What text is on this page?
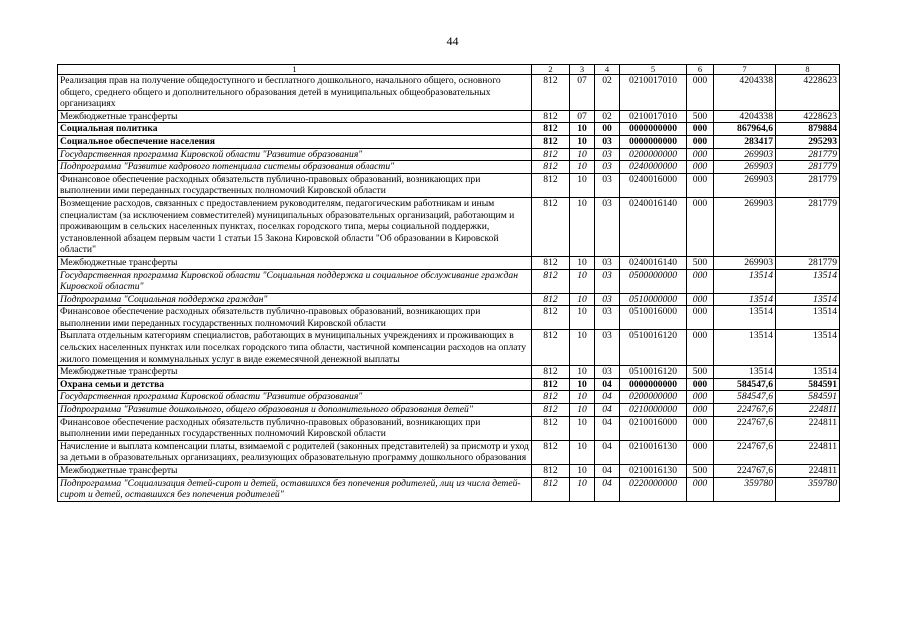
44
1	2	3	4	5	6	7	8
Реализация прав на получение общедоступного и бесплатного дошкольного, начального общего, основного общего, среднего общего и дополнительного образования детей в муниципальных общеобразовательных организациях	812	07	02	0210017010	000	4204338	4228623
Межбюджетные трансферты	812	07	02	0210017010	500	4204338	4228623
Социальная политика	812	10	00	0000000000	000	867964,6	879884
Социальное обеспечение населения	812	10	03	0000000000	000	283417	295293
Государственная программа Кировской области "Развитие образования"	812	10	03	0200000000	000	269903	281779
Подпрограмма "Развитие кадрового потенциала системы образования области"	812	10	03	0240000000	000	269903	281779
Финансовое обеспечение расходных обязательств публично-правовых образований, возникающих при выполнении ими переданных государственных полномочий Кировской области	812	10	03	0240016000	000	269903	281779
Возмещение расходов, связанных с предоставлением руководителям, педагогическим работникам и иным специалистам (за исключением совместителей) муниципальных образовательных организаций, работающим и проживающим в сельских населенных пунктах, поселках городского типа, меры социальной поддержки, установленной абзацем первым части 1 статьи 15 Закона Кировской области "Об образовании в Кировской области"	812	10	03	0240016140	000	269903	281779
Межбюджетные трансферты	812	10	03	0240016140	500	269903	281779
Государственная программа Кировской области "Социальная поддержка и социальное обслуживание граждан Кировской области"	812	10	03	0500000000	000	13514	13514
Подпрограмма "Социальная поддержка граждан"	812	10	03	0510000000	000	13514	13514
Финансовое обеспечение расходных обязательств публично-правовых образований, возникающих при выполнении ими переданных государственных полномочий Кировской области	812	10	03	0510016000	000	13514	13514
Выплата отдельным категориям специалистов, работающих в муниципальных учреждениях и проживающих в сельских населенных пунктах или поселках городского типа области, частичной компенсации расходов на оплату жилого помещения и коммунальных услуг в виде ежемесячной денежной выплаты	812	10	03	0510016120	000	13514	13514
Межбюджетные трансферты	812	10	03	0510016120	500	13514	13514
Охрана семьи и детства	812	10	04	0000000000	000	584547,6	584591
Государственная программа Кировской области "Развитие образования"	812	10	04	0200000000	000	584547,6	584591
Подпрограмма "Развитие дошкольного, общего образования и дополнительного образования детей"	812	10	04	0210000000	000	224767,6	224811
Финансовое обеспечение расходных обязательств публично-правовых образований, возникающих при выполнении ими переданных государственных полномочий Кировской области	812	10	04	0210016000	000	224767,6	224811
Начисление и выплата компенсации платы, взимаемой с родителей (законных представителей) за присмотр и уход за детьми в образовательных организациях, реализующих образовательную программу дошкольного образования	812	10	04	0210016130	000	224767,6	224811
Межбюджетные трансферты	812	10	04	0210016130	500	224767,6	224811
Подпрограмма "Социализация детей-сирот и детей, оставшихся без попечения родителей, лиц из числа детей-сирот и детей, оставшихся без попечения родителей"	812	10	04	0220000000	000	359780	359780
